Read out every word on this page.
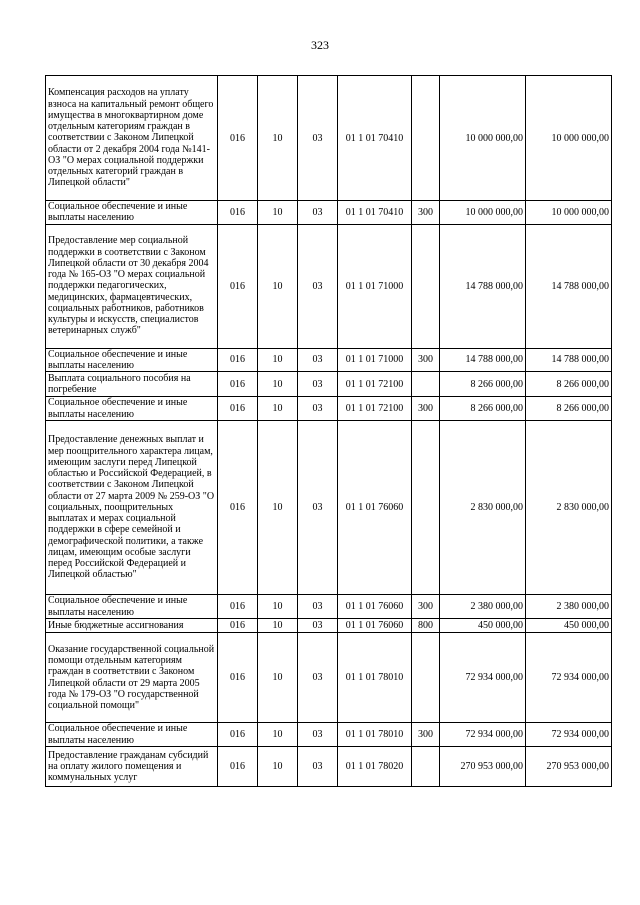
323
Компенсация расходов на уплату взноса на капитальный ремонт общего имущества в многоквартирном доме отдельным категориям граждан в соответствии с Законом Липецкой области от 2 декабря 2004 года №141-ОЗ "О мерах социальной поддержки отдельных категорий граждан в Липецкой области"	016	10	03	01 1 01 70410		10 000 000,00	10 000 000,00
Социальное обеспечение и иные выплаты населению	016	10	03	01 1 01 70410	300	10 000 000,00	10 000 000,00
Предоставление мер социальной поддержки в соответствии с Законом Липецкой области от 30 декабря 2004 года № 165-ОЗ "О мерах социальной поддержки педагогических, медицинских, фармацевтических, социальных работников, работников культуры и искусств, специалистов ветеринарных служб"	016	10	03	01 1 01 71000		14 788 000,00	14 788 000,00
Социальное обеспечение и иные выплаты населению	016	10	03	01 1 01 71000	300	14 788 000,00	14 788 000,00
Выплата социального пособия на погребение	016	10	03	01 1 01 72100		8 266 000,00	8 266 000,00
Социальное обеспечение и иные выплаты населению	016	10	03	01 1 01 72100	300	8 266 000,00	8 266 000,00
Предоставление денежных выплат и мер поощрительного характера лицам, имеющим заслуги перед Липецкой областью и Российской Федерацией, в соответствии с Законом Липецкой области от 27 марта 2009 № 259-ОЗ "О социальных, поощрительных выплатах и мерах социальной поддержки в сфере семейной и демографической политики, а также лицам, имеющим особые заслуги перед Российской Федерацией и Липецкой областью"	016	10	03	01 1 01 76060		2 830 000,00	2 830 000,00
Социальное обеспечение и иные выплаты населению	016	10	03	01 1 01 76060	300	2 380 000,00	2 380 000,00
Иные бюджетные ассигнования	016	10	03	01 1 01 76060	800	450 000,00	450 000,00
Оказание государственной социальной помощи отдельным категориям граждан в соответствии с Законом Липецкой области от 29 марта 2005 года № 179-ОЗ "О государственной социальной помощи"	016	10	03	01 1 01 78010		72 934 000,00	72 934 000,00
Социальное обеспечение и иные выплаты населению	016	10	03	01 1 01 78010	300	72 934 000,00	72 934 000,00
Предоставление гражданам субсидий на оплату жилого помещения и коммунальных услуг	016	10	03	01 1 01 78020		270 953 000,00	270 953 000,00
